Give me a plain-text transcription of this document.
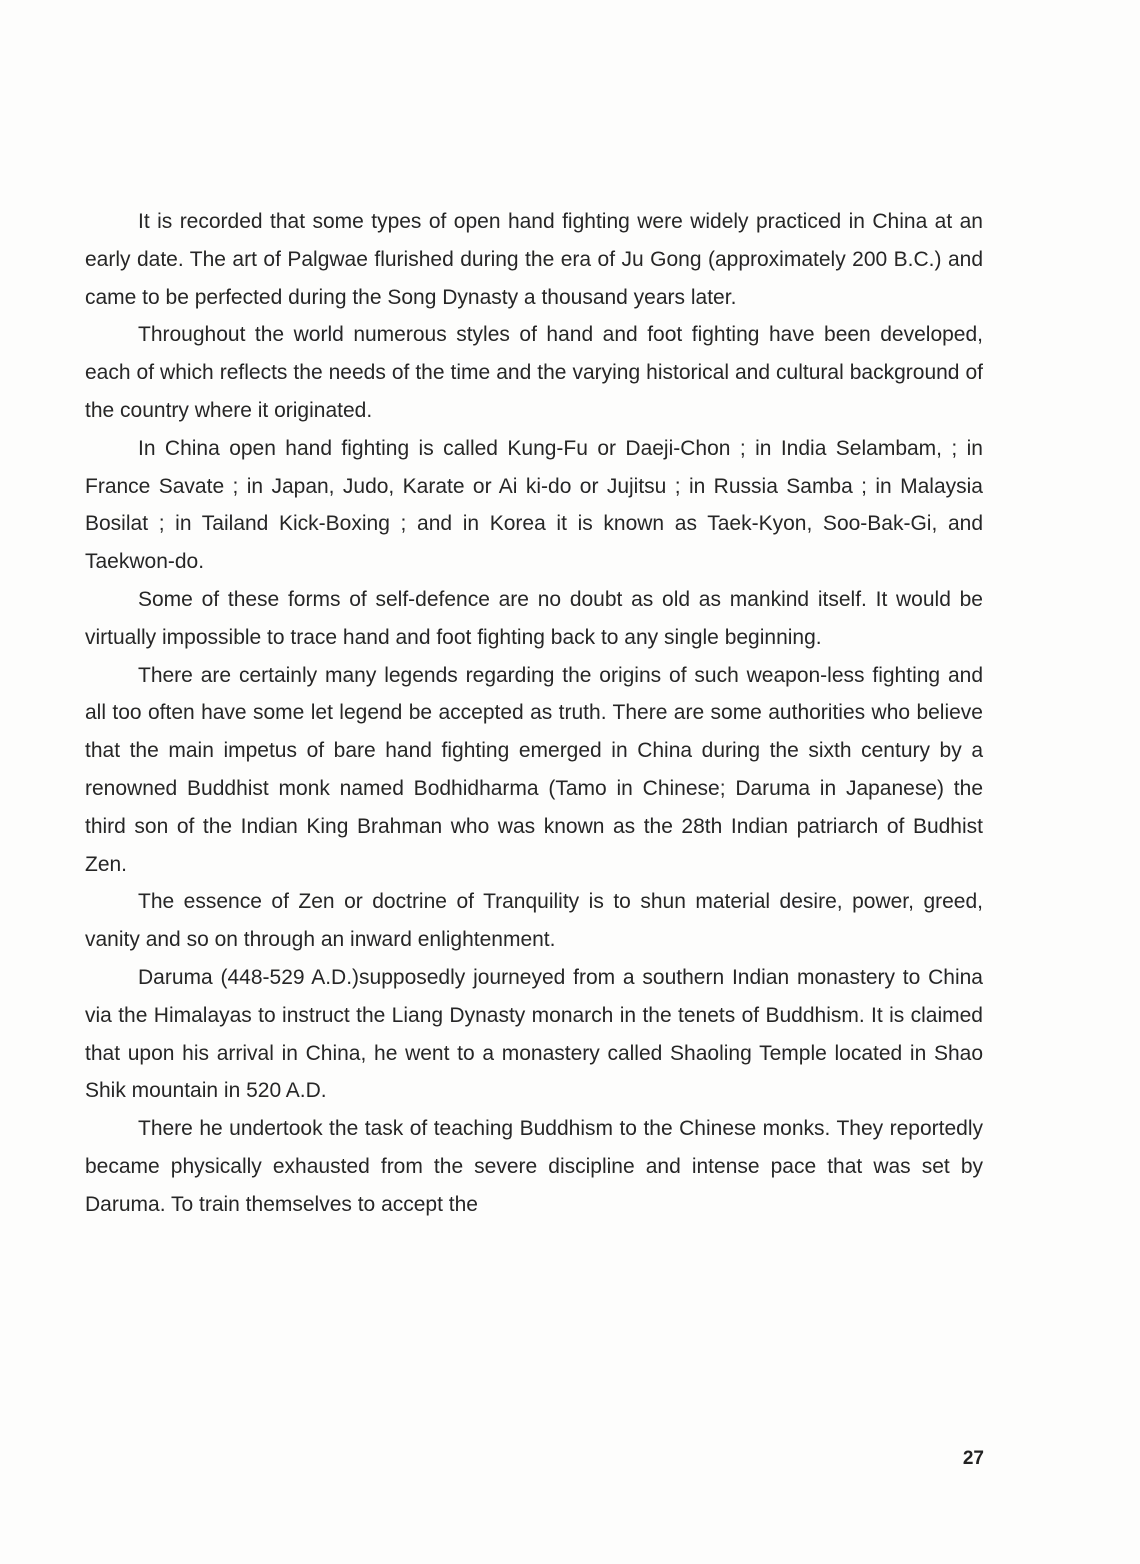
It is recorded that some types of open hand fighting were widely practiced in China at an early date. The art of Palgwae flurished during the era of Ju Gong (approximately 200 B.C.) and came to be perfected during the Song Dynasty a thousand years later.

Throughout the world numerous styles of hand and foot fighting have been developed, each of which reflects the needs of the time and the varying historical and cultural background of the country where it originated.

In China open hand fighting is called Kung-Fu or Daeji-Chon ; in India Selambam, ; in France Savate ; in Japan, Judo, Karate or Ai ki-do or Jujitsu ; in Russia Samba ; in Malaysia Bosilat ; in Tailand Kick-Boxing ; and in Korea it is known as Taek-Kyon, Soo-Bak-Gi, and Taekwon-do.

Some of these forms of self-defence are no doubt as old as mankind itself. It would be virtually impossible to trace hand and foot fighting back to any single beginning.

There are certainly many legends regarding the origins of such weapon-less fighting and all too often have some let legend be accepted as truth. There are some authorities who believe that the main impetus of bare hand fighting emerged in China during the sixth century by a renowned Buddhist monk named Bodhidharma (Tamo in Chinese; Daruma in Japanese) the third son of the Indian King Brahman who was known as the 28th Indian patriarch of Budhist Zen.

The essence of Zen or doctrine of Tranquility is to shun material desire, power, greed, vanity and so on through an inward enlightenment.

Daruma (448-529 A.D.)supposedly journeyed from a southern Indian monastery to China via the Himalayas to instruct the Liang Dynasty monarch in the tenets of Buddhism. It is claimed that upon his arrival in China, he went to a monastery called Shaoling Temple located in Shao Shik mountain in 520 A.D.

There he undertook the task of teaching Buddhism to the Chinese monks. They reportedly became physically exhausted from the severe discipline and intense pace that was set by Daruma. To train themselves to accept the

27
